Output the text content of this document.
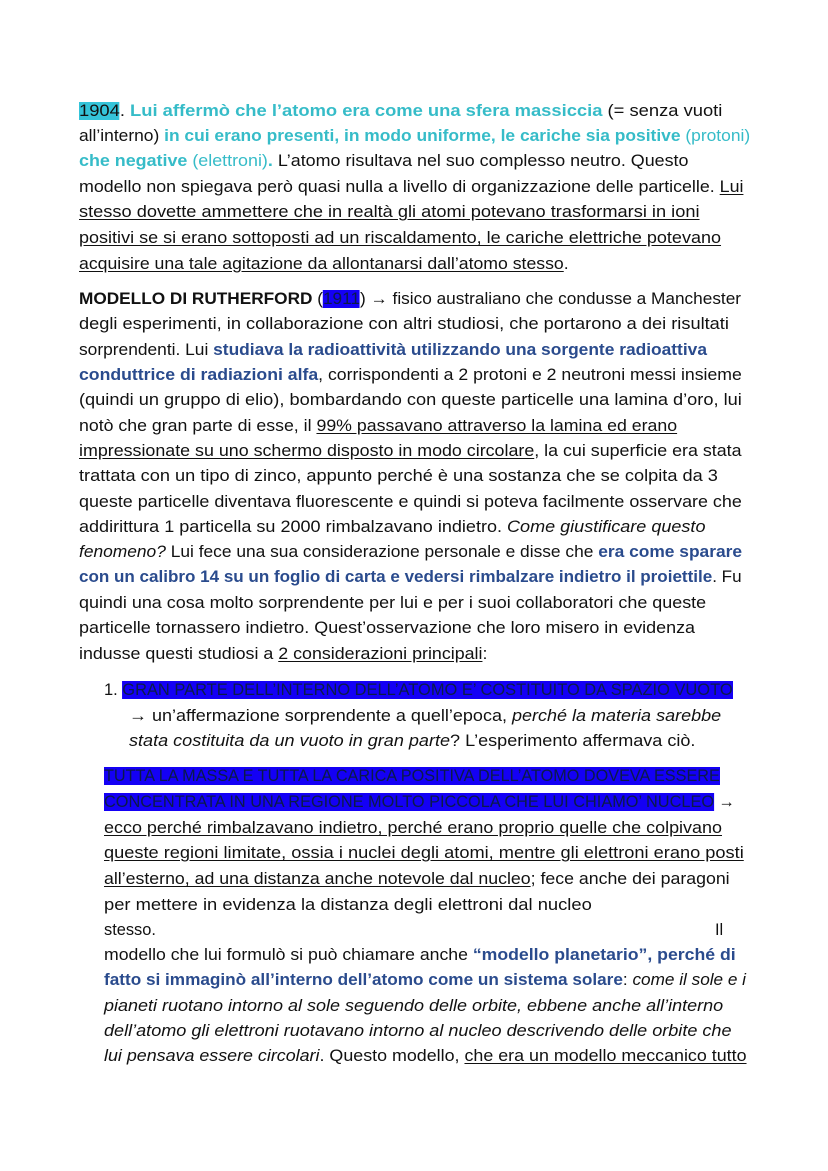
1904. Lui affermò che l’atomo era come una sfera massiccia (= senza vuoti
all’interno) in cui erano presenti, in modo uniforme, le cariche sia positive (protoni)
che negative (elettroni). L’atomo risultava nel suo complesso neutro. Questo
modello non spiegava però quasi nulla a livello di organizzazione delle particelle. Lui
stesso dovette ammettere che in realtà gli atomi potevano trasformarsi in ioni
positivi se si erano sottoposti ad un riscaldamento, le cariche elettriche potevano
acquisire una tale agitazione da allontanarsi dall’atomo stesso.
MODELLO DI RUTHERFORD (1911) → fisico australiano che condusse a Manchester
degli esperimenti, in collaborazione con altri studiosi, che portarono a dei risultati
sorprendenti. Lui studiava la radioattività utilizzando una sorgente radioattiva
conduttrice di radiazioni alfa, corrispondenti a 2 protoni e 2 neutroni messi insieme
(quindi un gruppo di elio), bombardando con queste particelle una lamina d’oro, lui
notò che gran parte di esse, il 99% passavano attraverso la lamina ed erano
impressionate su uno schermo disposto in modo circolare, la cui superficie era stata
trattata con un tipo di zinco, appunto perché è una sostanza che se colpita da 3
queste particelle diventava fluorescente e quindi si poteva facilmente osservare che
addirittura 1 particella su 2000 rimbalzavano indietro. Come giustificare questo
fenomeno? Lui fece una sua considerazione personale e disse che era come sparare
con un calibro 14 su un foglio di carta e vedersi rimbalzare indietro il proiettile. Fu
quindi una cosa molto sorprendente per lui e per i suoi collaboratori che queste
particelle tornassero indietro. Quest’osservazione che loro misero in evidenza
indusse questi studiosi a 2 considerazioni principali:
1. GRAN PARTE DELL’INTERNO DELL’ATOMO E’ COSTITUITO DA SPAZIO VUOTO
→ un’affermazione sorprendente a quell’epoca, perché la materia sarebbe
stata costituita da un vuoto in gran parte? L’esperimento affermava ciò.
TUTTA LA MASSA E TUTTA LA CARICA POSITIVA DELL’ATOMO DOVEVA ESSERE
CONCENTRATA IN UNA REGIONE MOLTO PICCOLA CHE LUI CHIAMO’ NUCLEO →
ecco perché rimbalzavano indietro, perché erano proprio quelle che colpivano
queste regioni limitate, ossia i nuclei degli atomi, mentre gli elettroni erano posti
all’esterno, ad una distanza anche notevole dal nucleo; fece anche dei paragoni
per mettere in evidenza la distanza degli elettroni dal nucleo
stesso.
modello che lui formulò si può chiamare anche “modello planetario”, perché di
fatto si immaginò all’interno dell’atomo come un sistema solare: come il sole e i
pianeti ruotano intorno al sole seguendo delle orbite, ebbene anche all’interno
dell’atomo gli elettroni ruotavano intorno al nucleo descrivendo delle orbite che
lui pensava essere circolari. Questo modello, che era un modello meccanico tutto
Il
